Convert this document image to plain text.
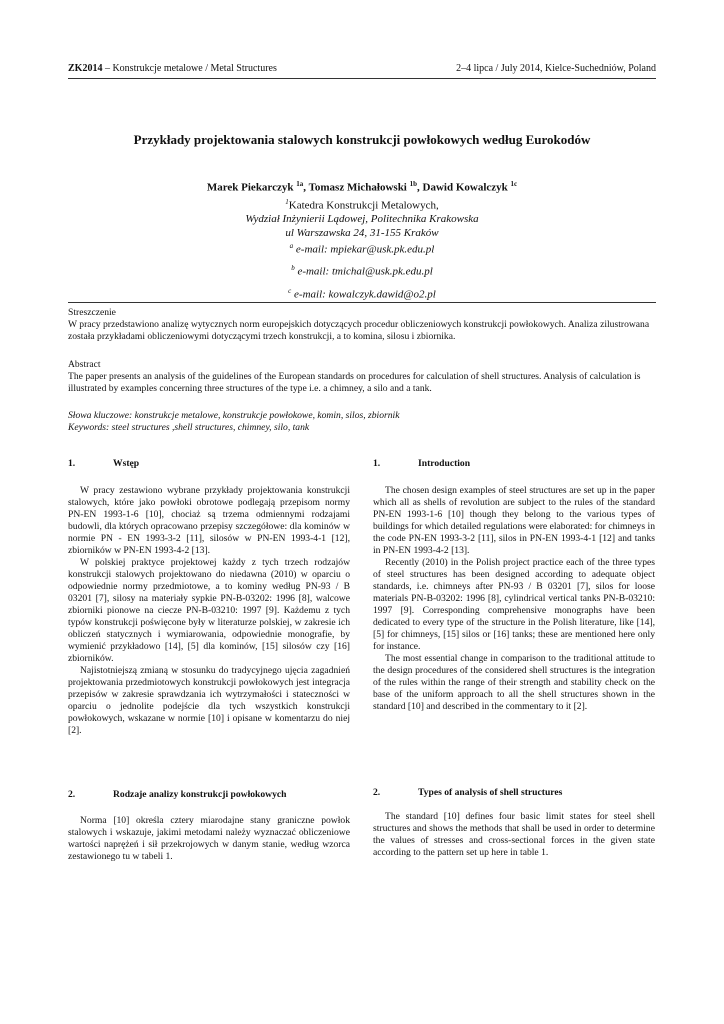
ZK2014 – Konstrukcje metalowe / Metal Structures	2–4 lipca / July 2014, Kielce-Suchedniów, Poland
Przykłady projektowania stalowych konstrukcji powłokowych według Eurokodów
Marek Piekarczyk $^{1a}$, Tomasz Michałowski $^{1b}$, Dawid Kowalczyk $^{1c}$
$^1$Katedra Konstrukcji Metalowych,
Wydział Inżynierii Lądowej, Politechnika Krakowska
ul Warszawska 24, 31-155 Kraków
$^a$ e-mail: mpiekar@usk.pk.edu.pl
$^b$ e-mail: tmichal@usk.pk.edu.pl
$^c$ e-mail: kowalczyk.dawid@o2.pl

Streszczenie

W pracy przedstawiono analizę wytycznych norm europejskich dotyczących procedur obliczeniowych konstrukcji powłokowych. Analiza zilustrowana została przykładami obliczeniowymi dotyczącymi trzech konstrukcji, a to komina, silosu i zbiornika.

Abstract

The paper presents an analysis of the guidelines of the European standards on procedures for calculation of shell structures. Analysis of calculation is illustrated by examples concerning three structures of the type i.e. a chimney, a silo and a tank.

Słowa kluczowe: konstrukcje metalowe, konstrukcje powłokowe, komin, silos, zbiornik

Keywords: steel structures ,shell structures, chimney, silo, tank

1.	Wstęp

W pracy zestawiono wybrane przykłady projektowania konstrukcji stalowych, które jako powłoki obrotowe podlegają przepisom normy PN-EN 1993-1-6 [10], chociaż są trzema odmiennymi rodzajami budowli, dla których opracowano przepisy szczegółowe: dla kominów w normie PN - EN 1993-3-2 [11], silosów w PN-EN 1993-4-1 [12], zbiorników w PN-EN 1993-4-2 [13].

W polskiej praktyce projektowej każdy z tych trzech rodzajów konstrukcji stalowych projektowano do niedawna (2010) w oparciu o odpowiednie normy przedmiotowe, a to kominy według PN-93 / B 03201 [7], silosy na materiały sypkie PN-B-03202: 1996 [8], walcowe zbiorniki pionowe na ciecze PN-B-03210: 1997 [9]. Każdemu z tych typów konstrukcji poświęcone były w literaturze polskiej, w zakresie ich obliczeń statycznych i wymiarowania, odpowiednie monografie, by wymienić przykładowo [14], [5] dla kominów, [15] silosów czy [16] zbiorników.

Najistotniejszą zmianą w stosunku do tradycyjnego ujęcia zagadnień projektowania przedmiotowych konstrukcji powłokowych jest integracja przepisów w zakresie sprawdzania ich wytrzymałości i stateczności w oparciu o jednolite podejście dla tych wszystkich konstrukcji powłokowych, wskazane w normie [10] i opisane w komentarzu do niej [2].

2.	Rodzaje analizy konstrukcji powłokowych

Norma [10] określa cztery miarodajne stany graniczne powłok stalowych i wskazuje, jakimi metodami należy wyznaczać obliczeniowe wartości naprężeń i sił przekrojowych w danym stanie, według wzorca zestawionego tu w tabeli 1.

1.	Introduction

The chosen design examples of steel structures are set up in the paper which all as shells of revolution are subject to the rules of the standard PN-EN 1993-1-6 [10] though they belong to the various types of buildings for which detailed regulations were elaborated: for chimneys in the code PN-EN 1993-3-2 [11], silos in PN-EN 1993-4-1 [12] and tanks in PN-EN 1993-4-2 [13].

Recently (2010) in the Polish project practice each of the three types of steel structures has been designed according to adequate object standards, i.e. chimneys after PN-93 / B 03201 [7], silos for loose materials PN-B-03202: 1996 [8], cylindrical vertical tanks PN-B-03210: 1997 [9]. Corresponding comprehensive monographs have been dedicated to every type of the structure in the Polish literature, like [14], [5] for chimneys, [15] silos or [16] tanks; these are mentioned here only for instance.

The most essential change in comparison to the traditional attitude to the design procedures of the considered shell structures is the integration of the rules within the range of their strength and stability check on the base of the uniform approach to all the shell structures shown in the standard [10] and described in the commentary to it [2].

2.	Types of analysis of shell structures

The standard [10] defines four basic limit states for steel shell structures and shows the methods that shall be used in order to determine the values of stresses and cross-sectional forces in the given state according to the pattern set up here in table 1.
